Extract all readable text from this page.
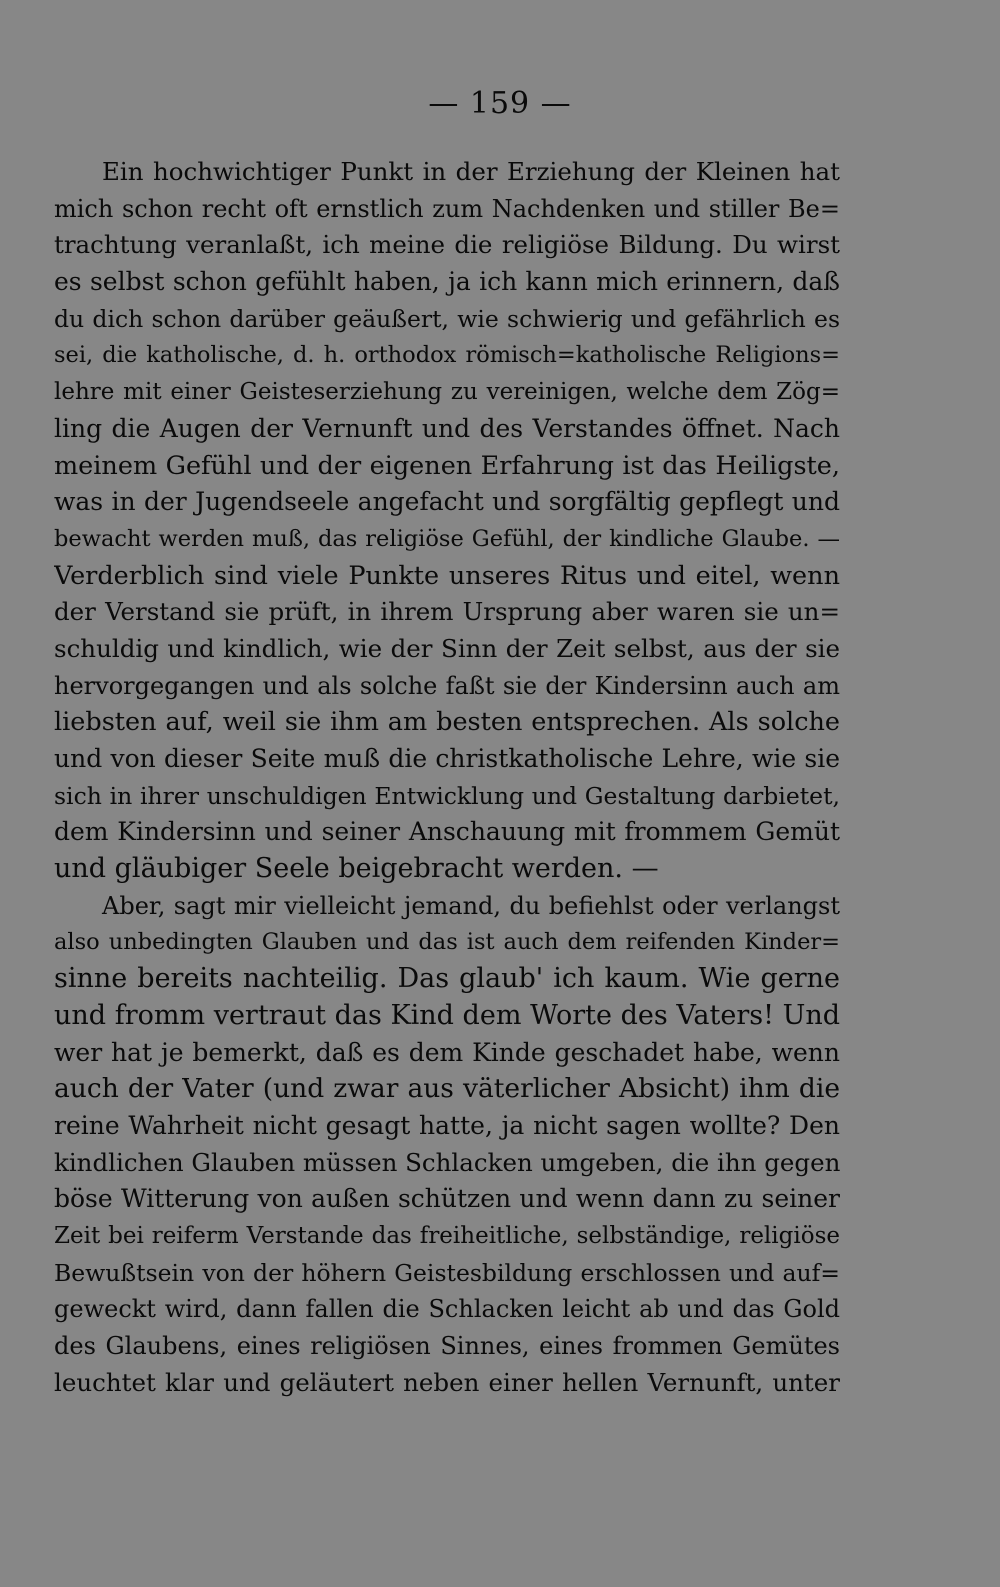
— 159 —
Ein hochwichtiger Punkt in der Erziehung der Kleinen hat
mich schon recht oft ernstlich zum Nachdenken und stiller Be=
trachtung veranlaßt, ich meine die religiöse Bildung. Du wirst
es selbst schon gefühlt haben, ja ich kann mich erinnern, daß
du dich schon darüber geäußert, wie schwierig und gefährlich es
sei, die katholische, d. h. orthodox römisch=katholische Religions=
lehre mit einer Geisteserziehung zu vereinigen, welche dem Zög=
ling die Augen der Vernunft und des Verstandes öffnet. Nach
meinem Gefühl und der eigenen Erfahrung ist das Heiligste,
was in der Jugendseele angefacht und sorgfältig gepflegt und
bewacht werden muß, das religiöse Gefühl, der kindliche Glaube. —
Verderblich sind viele Punkte unseres Ritus und eitel, wenn
der Verstand sie prüft, in ihrem Ursprung aber waren sie un=
schuldig und kindlich, wie der Sinn der Zeit selbst, aus der sie
hervorgegangen und als solche faßt sie der Kindersinn auch am
liebsten auf, weil sie ihm am besten entsprechen. Als solche
und von dieser Seite muß die christkatholische Lehre, wie sie
sich in ihrer unschuldigen Entwicklung und Gestaltung darbietet,
dem Kindersinn und seiner Anschauung mit frommem Gemüt
und gläubiger Seele beigebracht werden. —
Aber, sagt mir vielleicht jemand, du befiehlst oder verlangst
also unbedingten Glauben und das ist auch dem reifenden Kinder=
sinne bereits nachteilig. Das glaub' ich kaum. Wie gerne
und fromm vertraut das Kind dem Worte des Vaters! Und
wer hat je bemerkt, daß es dem Kinde geschadet habe, wenn
auch der Vater (und zwar aus väterlicher Absicht) ihm die
reine Wahrheit nicht gesagt hatte, ja nicht sagen wollte? Den
kindlichen Glauben müssen Schlacken umgeben, die ihn gegen
böse Witterung von außen schützen und wenn dann zu seiner
Zeit bei reiferm Verstande das freiheitliche, selbständige, religiöse
Bewußtsein von der höhern Geistesbildung erschlossen und auf=
geweckt wird, dann fallen die Schlacken leicht ab und das Gold
des Glaubens, eines religiösen Sinnes, eines frommen Gemütes
leuchtet klar und geläutert neben einer hellen Vernunft, unter
